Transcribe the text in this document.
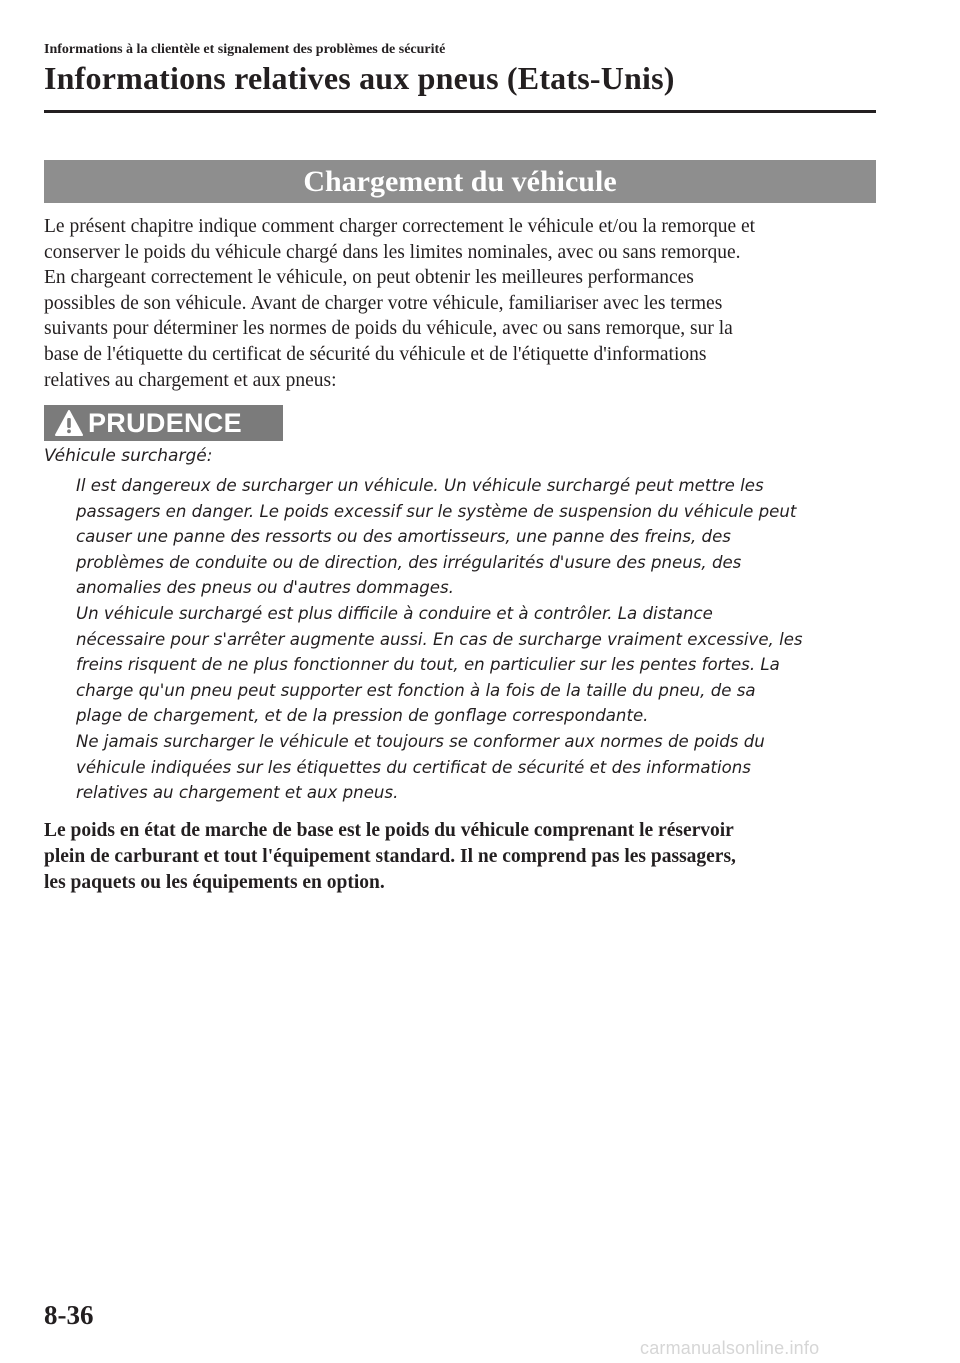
Informations à la clientèle et signalement des problèmes de sécurité
Informations relatives aux pneus (Etats-Unis)
Chargement du véhicule

Le présent chapitre indique comment charger correctement le véhicule et/ou la remorque et
conserver le poids du véhicule chargé dans les limites nominales, avec ou sans remorque.
En chargeant correctement le véhicule, on peut obtenir les meilleures performances
possibles de son véhicule. Avant de charger votre véhicule, familiariser avec les termes
suivants pour déterminer les normes de poids du véhicule, avec ou sans remorque, sur la
base de l'étiquette du certificat de sécurité du véhicule et de l'étiquette d'informations
relatives au chargement et aux pneus:

PRUDENCE
Véhicule surchargé:

Il est dangereux de surcharger un véhicule. Un véhicule surchargé peut mettre les

passagers en danger. Le poids excessif sur le système de suspension du véhicule peut

causer une panne des ressorts ou des amortisseurs, une panne des freins, des

problèmes de conduite ou de direction, des irrégularités d'usure des pneus, des

anomalies des pneus ou d'autres dommages.

Un véhicule surchargé est plus difficile à conduire et à contrôler. La distance

nécessaire pour s'arrêter augmente aussi. En cas de surcharge vraiment excessive, les

freins risquent de ne plus fonctionner du tout, en particulier sur les pentes fortes. La

charge qu'un pneu peut supporter est fonction à la fois de la taille du pneu, de sa

plage de chargement, et de la pression de gonflage correspondante.

Ne jamais surcharger le véhicule et toujours se conformer aux normes de poids du

véhicule indiquées sur les étiquettes du certificat de sécurité et des informations

relatives au chargement et aux pneus.

Le poids en état de marche de base est le poids du véhicule comprenant le réservoir
plein de carburant et tout l'équipement standard. Il ne comprend pas les passagers,
les paquets ou les équipements en option.

8-36
carmanualsonline.info
